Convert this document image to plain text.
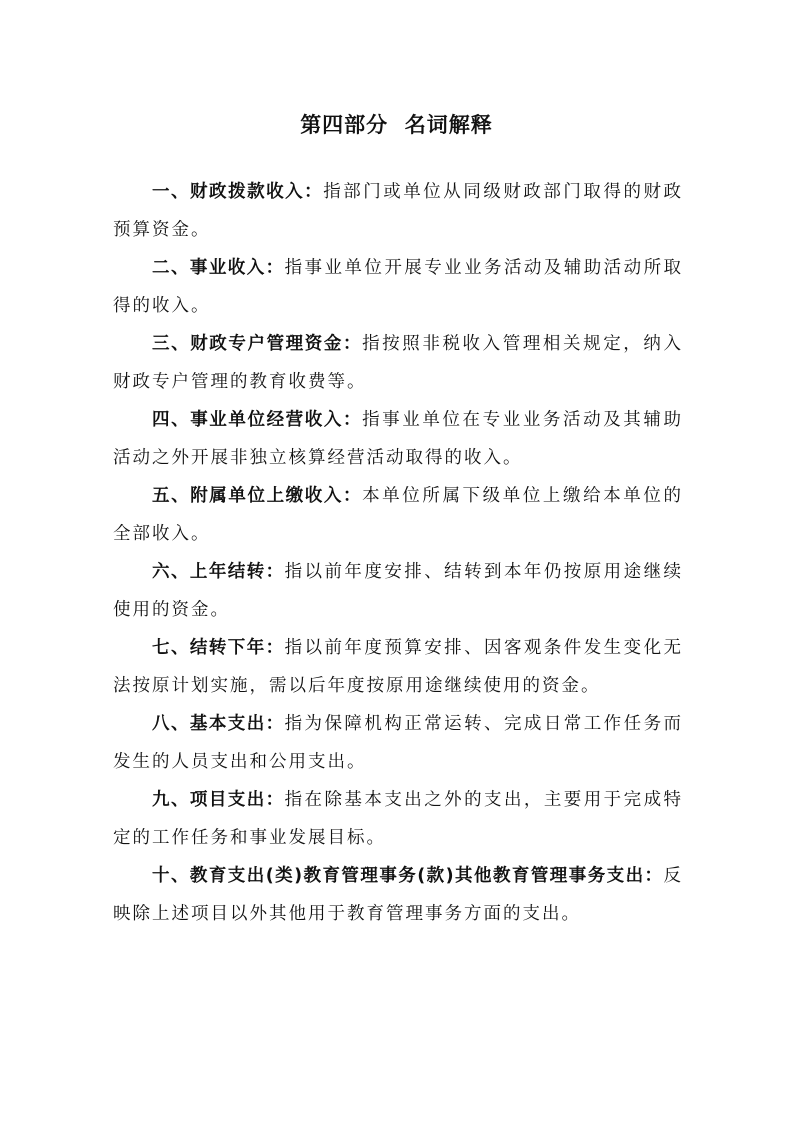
第四部分  名词解释

一、财政拨款收入：指部门或单位从同级财政部门取得的财政预算资金。

二、事业收入：指事业单位开展专业业务活动及辅助活动所取得的收入。

三、财政专户管理资金：指按照非税收入管理相关规定，纳入财政专户管理的教育收费等。

四、事业单位经营收入：指事业单位在专业业务活动及其辅助活动之外开展非独立核算经营活动取得的收入。

五、附属单位上缴收入：本单位所属下级单位上缴给本单位的全部收入。

六、上年结转：指以前年度安排、结转到本年仍按原用途继续使用的资金。

七、结转下年：指以前年度预算安排、因客观条件发生变化无法按原计划实施，需以后年度按原用途继续使用的资金。

八、基本支出：指为保障机构正常运转、完成日常工作任务而发生的人员支出和公用支出。

九、项目支出：指在除基本支出之外的支出，主要用于完成特定的工作任务和事业发展目标。

十、教育支出(类)教育管理事务(款)其他教育管理事务支出：反映除上述项目以外其他用于教育管理事务方面的支出。
